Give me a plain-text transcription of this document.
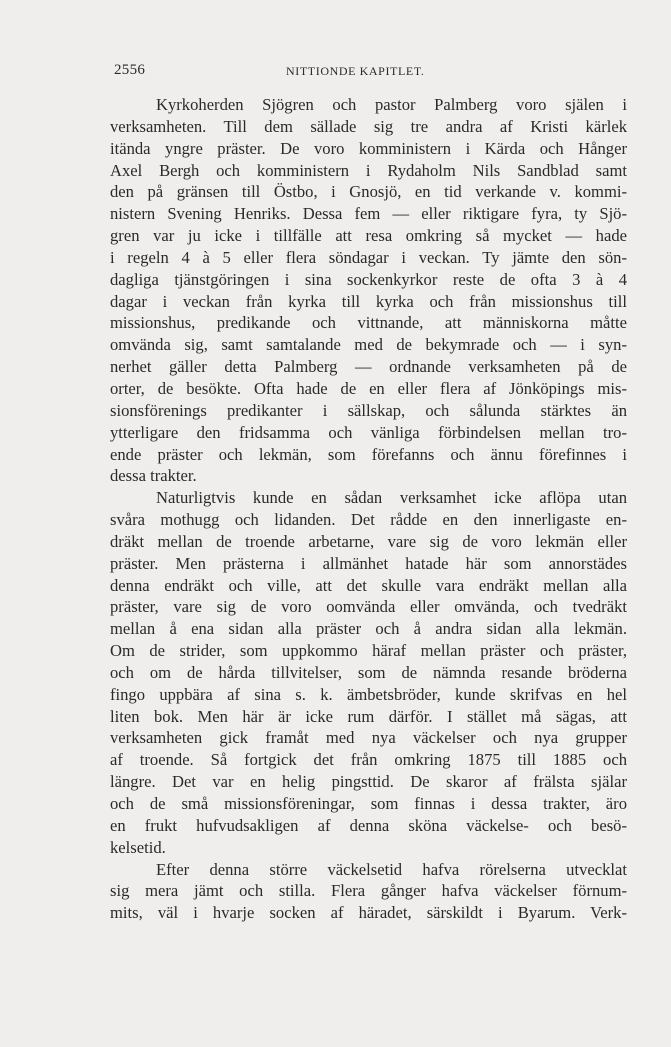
2556	NITTIONDE KAPITLET.
Kyrkoherden Sjögren och pastor Palmberg voro själen i
verksamheten. Till dem sällade sig tre andra af Kristi kärlek
itända yngre präster. De voro komministern i Kärda och Hånger
Axel Bergh och komministern i Rydaholm Nils Sandblad samt
den på gränsen till Östbo, i Gnosjö, en tid verkande v. kommi-
nistern Svening Henriks. Dessa fem — eller riktigare fyra, ty Sjö-
gren var ju icke i tillfälle att resa omkring så mycket — hade
i regeln 4 à 5 eller flera söndagar i veckan. Ty jämte den sön-
dagliga tjänstgöringen i sina sockenkyrkor reste de ofta 3 à 4
dagar i veckan från kyrka till kyrka och från missionshus till
missionshus, predikande och vittnande, att människorna måtte
omvända sig, samt samtalande med de bekymrade och — i syn-
nerhet gäller detta Palmberg — ordnande verksamheten på de
orter, de besökte. Ofta hade de en eller flera af Jönköpings mis-
sionsförenings predikanter i sällskap, och sålunda stärktes än
ytterligare den fridsamma och vänliga förbindelsen mellan tro-
ende präster och lekmän, som förefanns och ännu förefinnes i
dessa trakter.
Naturligtvis kunde en sådan verksamhet icke aflöpa utan
svåra mothugg och lidanden. Det rådde en den innerligaste en-
dräkt mellan de troende arbetarne, vare sig de voro lekmän eller
präster. Men prästerna i allmänhet hatade här som annorstädes
denna endräkt och ville, att det skulle vara endräkt mellan alla
präster, vare sig de voro oomvända eller omvända, och tvedräkt
mellan å ena sidan alla präster och å andra sidan alla lekmän.
Om de strider, som uppkommo häraf mellan präster och präster,
och om de hårda tillvitelser, som de nämnda resande bröderna
fingo uppbära af sina s. k. ämbetsbröder, kunde skrifvas en hel
liten bok. Men här är icke rum därför. I stället må sägas, att
verksamheten gick framåt med nya väckelser och nya grupper
af troende. Så fortgick det från omkring 1875 till 1885 och
längre. Det var en helig pingsttid. De skaror af frälsta själar
och de små missionsföreningar, som finnas i dessa trakter, äro
en frukt hufvudsakligen af denna sköna väckelse- och besö-
kelsetid.
Efter denna större väckelsetid hafva rörelserna utvecklat
sig mera jämt och stilla. Flera gånger hafva väckelser förnum-
mits, väl i hvarje socken af häradet, särskildt i Byarum. Verk-
